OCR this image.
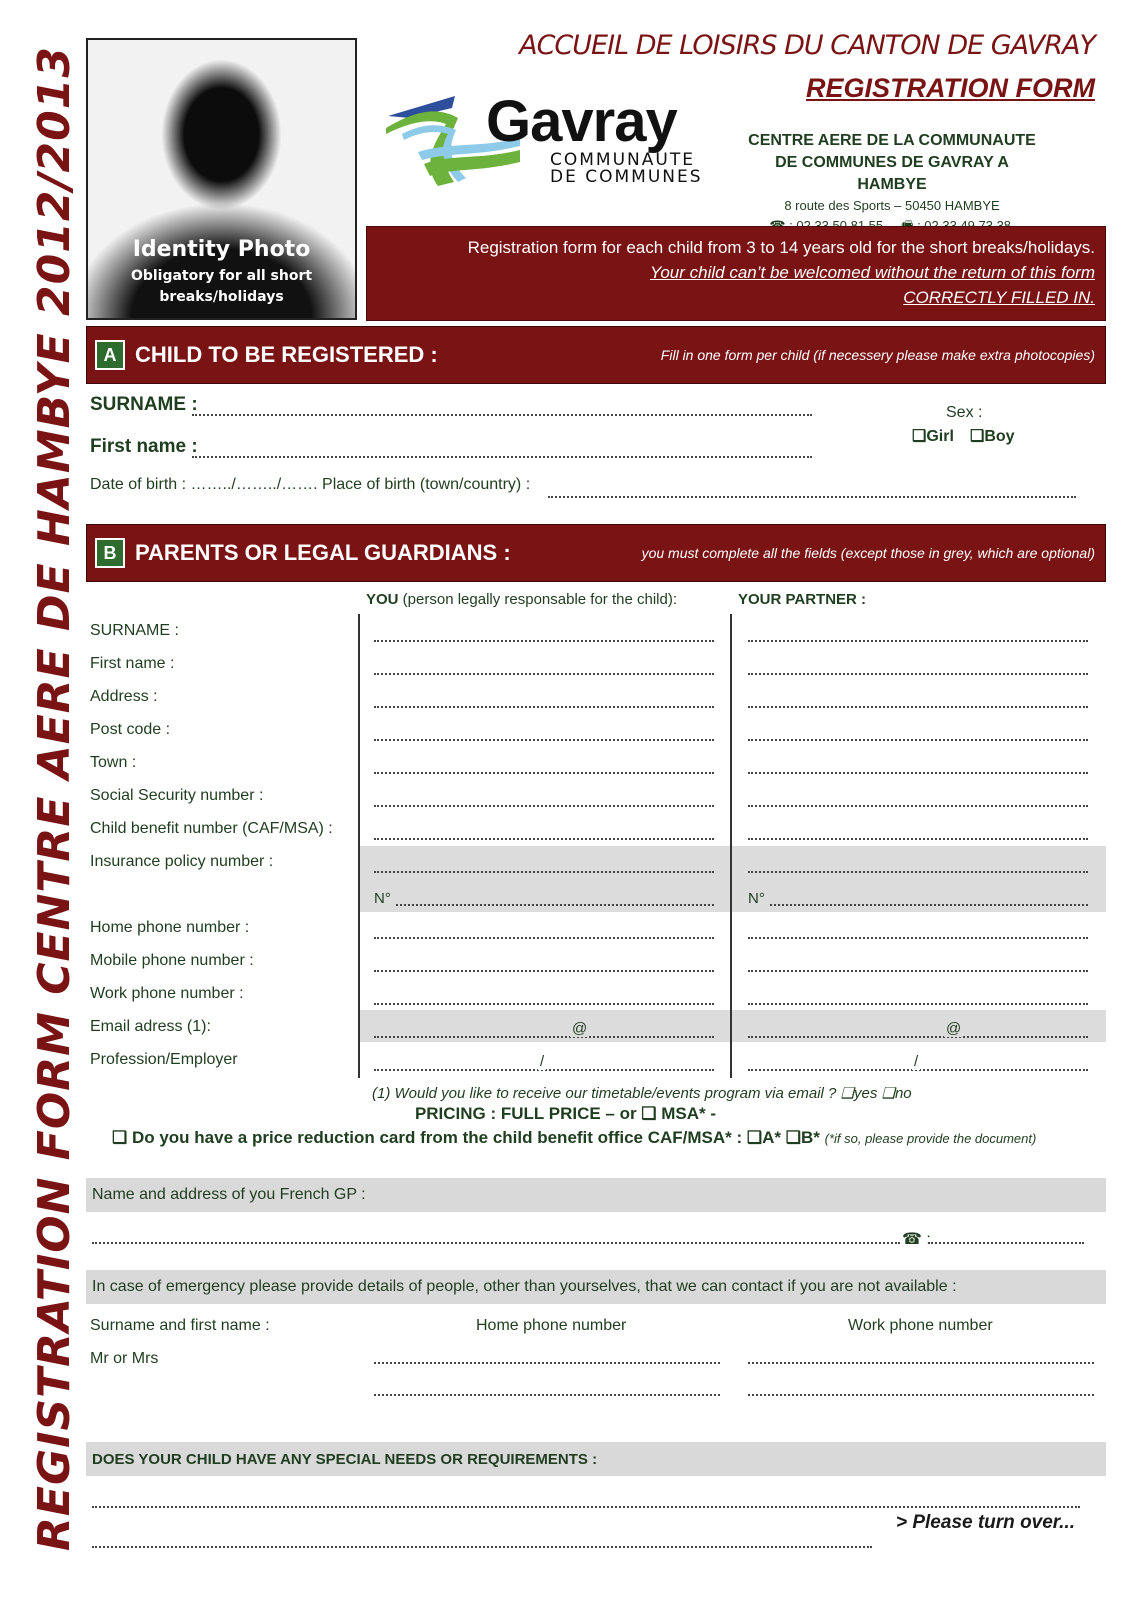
REGISTRATION FORM CENTRE AERE DE HAMBYE 2012/2013	Identity Photo
Obligatory for all short
breaks/holidays
Gavray
COMMUNAUTE
DE COMMUNES
ACCUEIL DE LOISIRS DU CANTON DE GAVRAY
REGISTRATION FORM
CENTRE AERE DE LA COMMUNAUTE
DE COMMUNES DE GAVRAY A HAMBYE
8 route des Sports – 50450 HAMBYE
Registration form for each child from 3 to 14 years old for the short breaks/holidays.
Your child can’t be welcomed without the return of this form
CORRECTLY FILLED IN.
A CHILD TO BE REGISTERED :	Fill in one form per child (if necessery please make extra photocopies)
SURNAME :
First name :
Sex :
❑Girl ❑Boy
Date of birth : ……../……../……. Place of birth (town/country) :
B PARENTS OR LEGAL GUARDIANS :	you must complete all the fields (except those in grey, which are optional)
YOU (person legally responsable for the child):	YOUR PARTNER :
SURNAME :
First name :
Address :
Post code :
Town :
Social Security number :
Child benefit number (CAF/MSA) :
Insurance policy number :
N°	N°
Home phone number :
Mobile phone number :
Work phone number :
Email adress (1):	@	@
Profession/Employer	/	/
(1) Would you like to receive our timetable/events program via email ? ❑yes ❑no
PRICING : FULL PRICE – or ❑ MSA* -
❑ Do you have a price reduction card from the child benefit office CAF/MSA* : ❑A* ❑B* (*if so, please provide the document)
Name and address of you French GP :
☎ :
In case of emergency please provide details of people, other than yourselves, that we can contact if you are not available :
Surname and first name :	Home phone number	Work phone number
Mr or Mrs
DOES YOUR CHILD HAVE ANY SPECIAL NEEDS OR REQUIREMENTS :
> Please turn over...
